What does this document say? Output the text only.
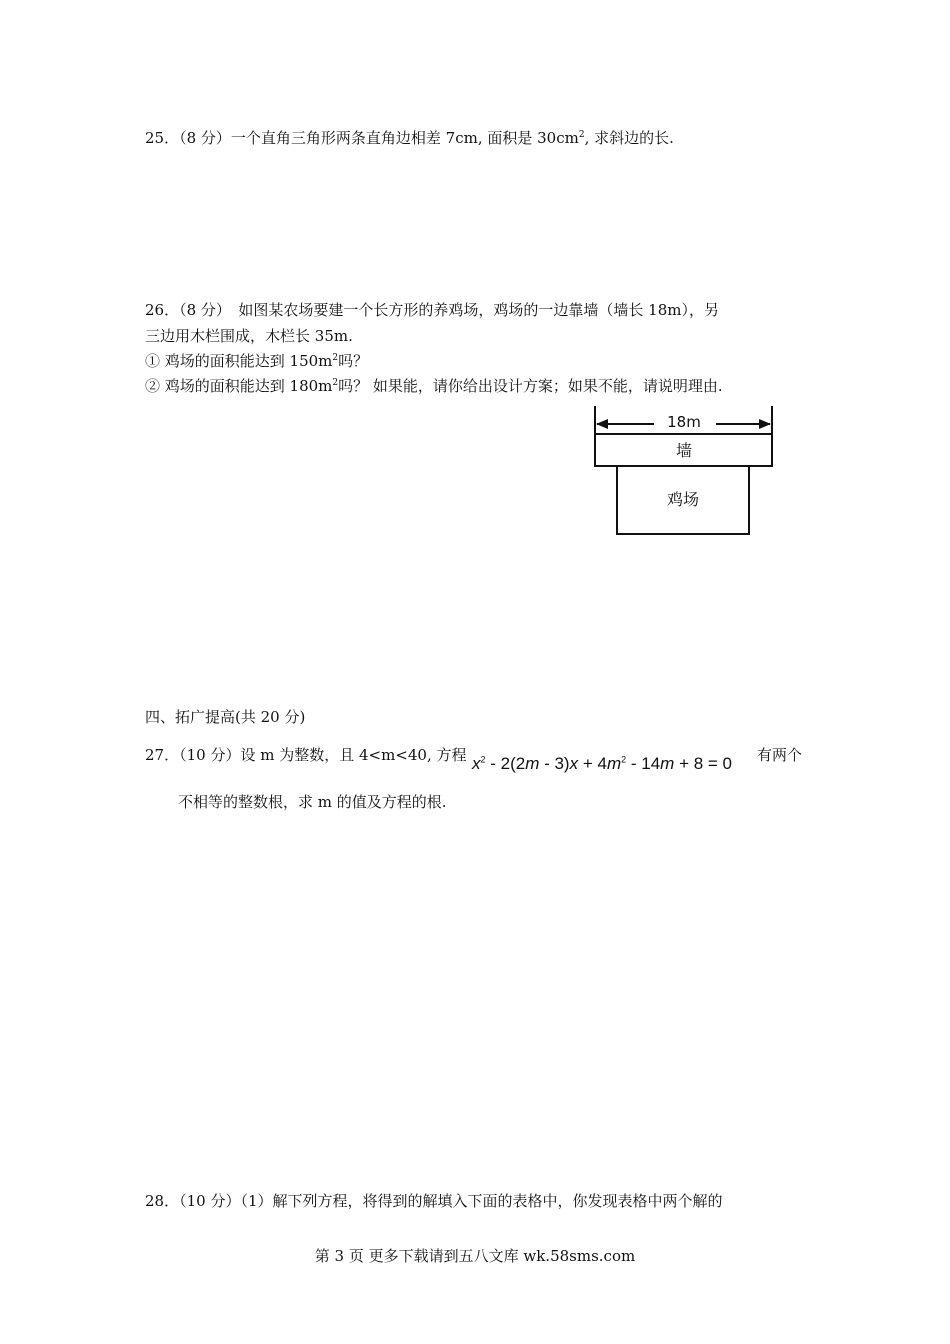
25．（8 分）一个直角三角形两条直角边相差 7cm, 面积是 $30cm^2$, 求斜边的长.
26．（8 分）　如图某农场要建一个长方形的养鸡场，鸡场的一边靠墙（墙长 18m），另
三边用木栏围成，木栏长 35m.
① 鸡场的面积能达到 $150m^2$吗？
② 鸡场的面积能达到 $180m^2$吗？ 如果能，请你给出设计方案；如果不能，请说明理由.
18m
墙
鸡场
四、拓广提高(共 20 分)
27．（10 分）设 m 为整数，且 4<m<40, 方程 $x^2 - 2(2m - 3)x + 4m^2 - 14m + 8 = 0$ 有两个
不相等的整数根，求 m 的值及方程的根.
28．（10 分）（1）解下列方程，将得到的解填入下面的表格中，你发现表格中两个解的
第 3 页 更多下载请到五八文库 wk.58sms.com
